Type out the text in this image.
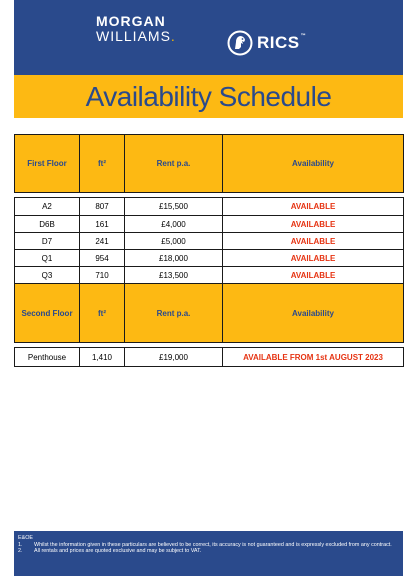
MORGAN
WILLIAMS.	RICS™
Availability Schedule
First Floor	ft²	Rent p.a.	Availability

A2	807	£15,500	AVAILABLE
D6B	161	£4,000	AVAILABLE
D7	241	£5,000	AVAILABLE
Q1	954	£18,000	AVAILABLE
Q3	710	£13,500	AVAILABLE
Second Floor	ft²	Rent p.a.	Availability

Penthouse	1,410	£19,000	AVAILABLE FROM 1st AUGUST 2023
E&OE
1.	Whilst the information given in these particulars are believed to be correct, its accuracy is not guaranteed and is expressly excluded from any contract.
2.	All rentals and prices are quoted exclusive and may be subject to VAT.
